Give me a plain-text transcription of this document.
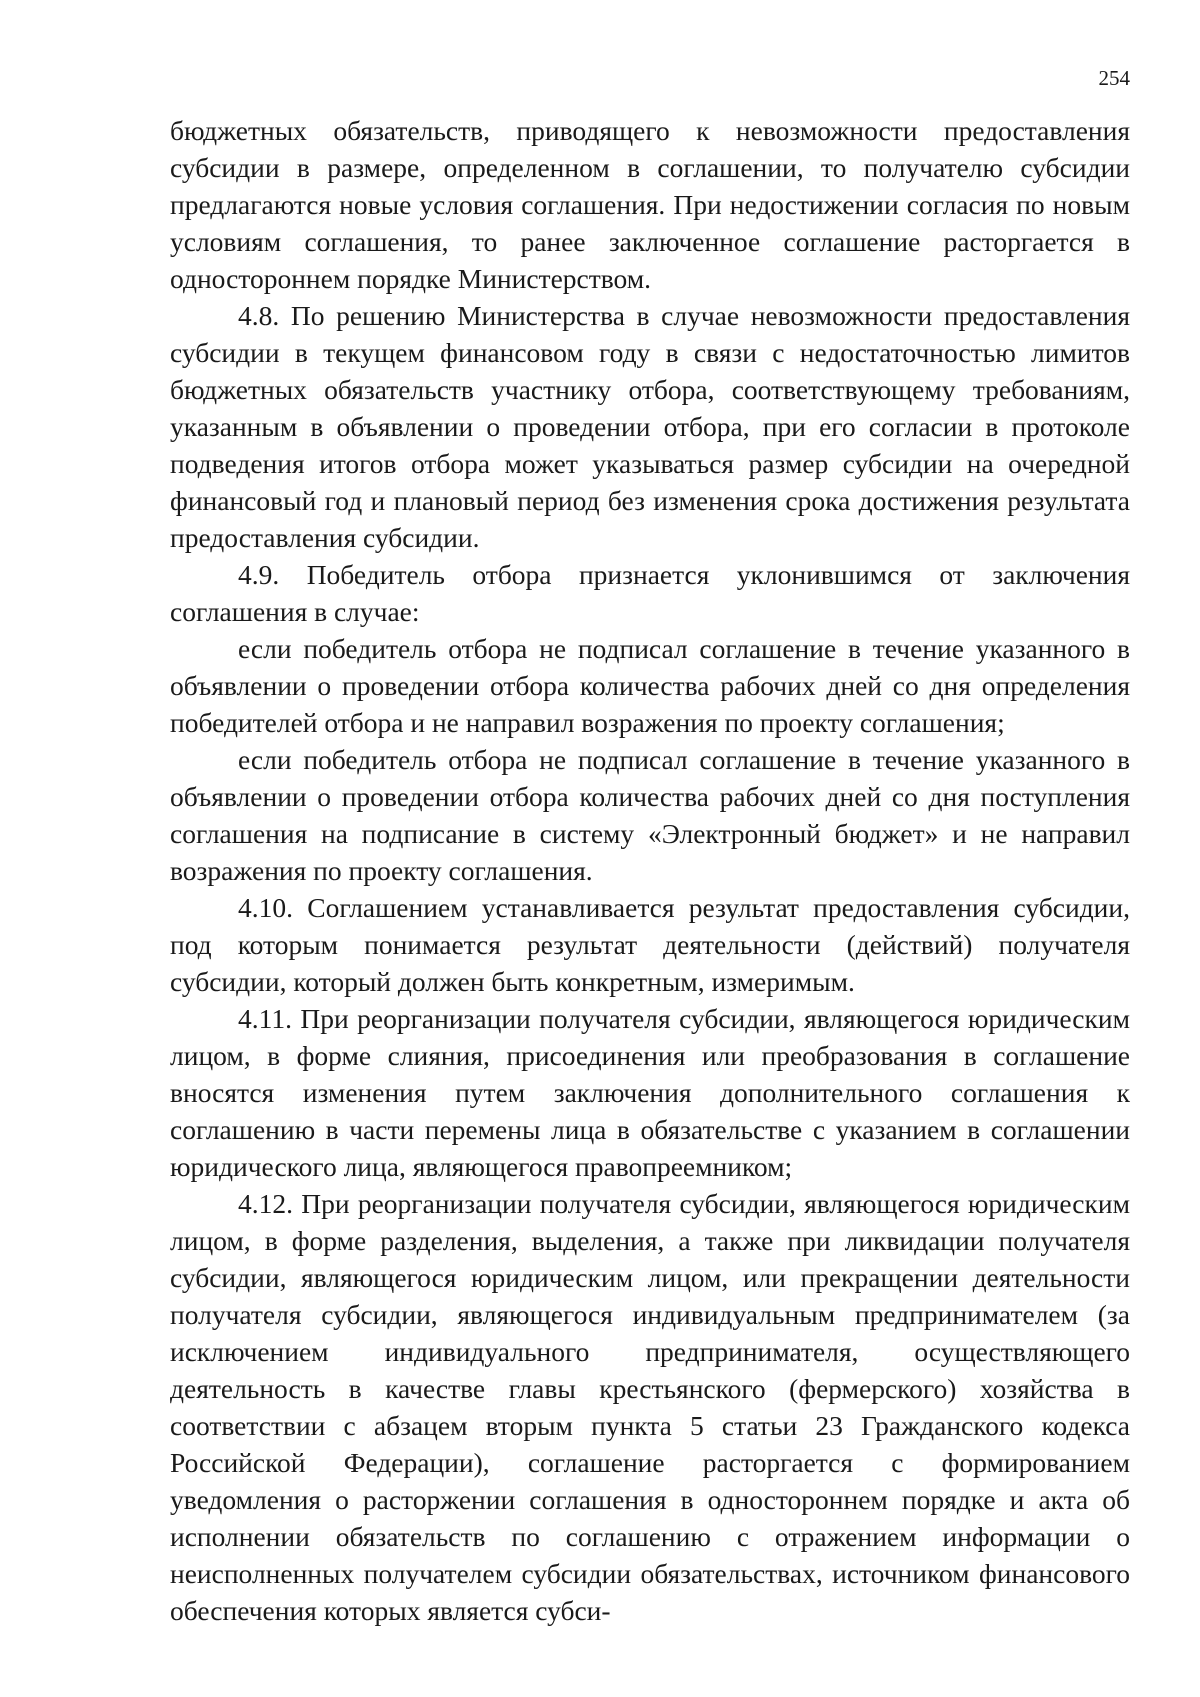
254

бюджетных обязательств, приводящего к невозможности предоставления субсидии в размере, определенном в соглашении, то получателю субсидии предлагаются новые условия соглашения. При недостижении согласия по новым условиям соглашения, то ранее заключенное соглашение расторгается в одностороннем порядке Министерством.

4.8. По решению Министерства в случае невозможности предоставления субсидии в текущем финансовом году в связи с недостаточностью лимитов бюджетных обязательств участнику отбора, соответствующему требованиям, указанным в объявлении о проведении отбора, при его согласии в протоколе подведения итогов отбора может указываться размер субсидии на очередной финансовый год и плановый период без изменения срока достижения результата предоставления субсидии.

4.9. Победитель отбора признается уклонившимся от заключения соглашения в случае:

если победитель отбора не подписал соглашение в течение указанного в объявлении о проведении отбора количества рабочих дней со дня определения победителей отбора и не направил возражения по проекту соглашения;

если победитель отбора не подписал соглашение в течение указанного в объявлении о проведении отбора количества рабочих дней со дня поступления соглашения на подписание в систему «Электронный бюджет» и не направил возражения по проекту соглашения.

4.10. Соглашением устанавливается результат предоставления субсидии, под которым понимается результат деятельности (действий) получателя субсидии, который должен быть конкретным, измеримым.

4.11. При реорганизации получателя субсидии, являющегося юридическим лицом, в форме слияния, присоединения или преобразования в соглашение вносятся изменения путем заключения дополнительного соглашения к соглашению в части перемены лица в обязательстве с указанием в соглашении юридического лица, являющегося правопреемником;

4.12. При реорганизации получателя субсидии, являющегося юридическим лицом, в форме разделения, выделения, а также при ликвидации получателя субсидии, являющегося юридическим лицом, или прекращении деятельности получателя субсидии, являющегося индивидуальным предпринимателем (за исключением индивидуального предпринимателя, осуществляющего деятельность в качестве главы крестьянского (фермерского) хозяйства в соответствии с абзацем вторым пункта 5 статьи 23 Гражданского кодекса Российской Федерации), соглашение расторгается с формированием уведомления о расторжении соглашения в одностороннем порядке и акта об исполнении обязательств по соглашению с отражением информации о неисполненных получателем субсидии обязательствах, источником финансового обеспечения которых является субси-
